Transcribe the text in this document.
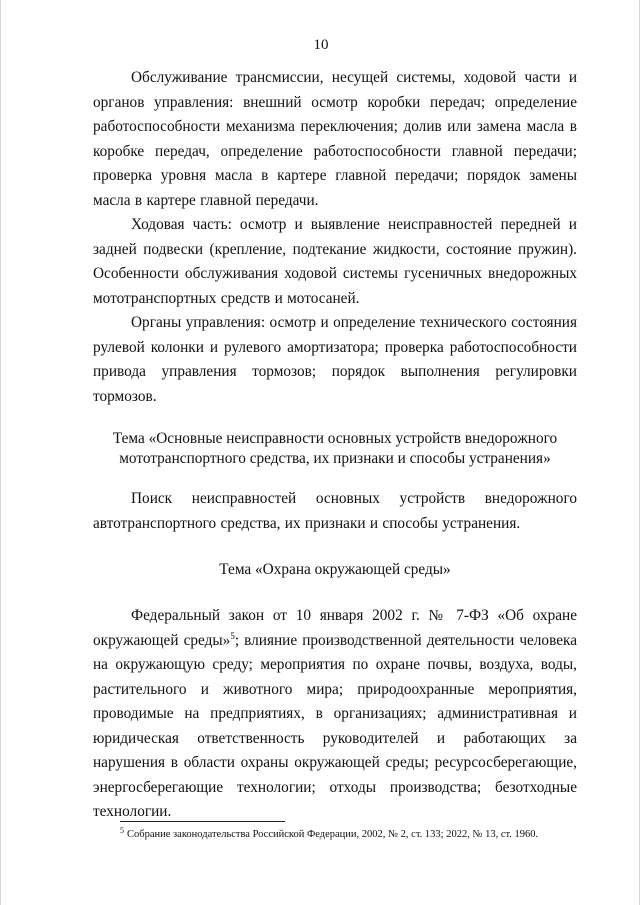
10

Обслуживание трансмиссии, несущей системы, ходовой части и органов управления: внешний осмотр коробки передач; определение работоспособности механизма переключения; долив или замена масла в коробке передач, определение работоспособности главной передачи; проверка уровня масла в картере главной передачи; порядок замены масла в картере главной передачи.

Ходовая часть: осмотр и выявление неисправностей передней и задней подвески (крепление, подтекание жидкости, состояние пружин). Особенности обслуживания ходовой системы гусеничных внедорожных мототранспортных средств и мотосаней.

Органы управления: осмотр и определение технического состояния рулевой колонки и рулевого амортизатора; проверка работоспособности привода управления тормозов; порядок выполнения регулировки тормозов.

Тема «Основные неисправности основных устройств внедорожного
мототранспортного средства, их признаки и способы устранения»

Поиск неисправностей основных устройств внедорожного автотранспортного средства, их признаки и способы устранения.

Тема «Охрана окружающей среды»

Федеральный закон от 10 января 2002 г. № 7-ФЗ «Об охране окружающей среды»$^5$; влияние производственной деятельности человека на окружающую среду; мероприятия по охране почвы, воздуха, воды, растительного и животного мира; природоохранные мероприятия, проводимые на предприятиях, в организациях; административная и юридическая ответственность руководителей и работающих за нарушения в области охраны окружающей среды; ресурсосберегающие, энергосберегающие технологии; отходы производства; безотходные технологии.

$^5$ Собрание законодательства Российской Федерации, 2002, № 2, ст. 133; 2022, № 13, ст. 1960.
